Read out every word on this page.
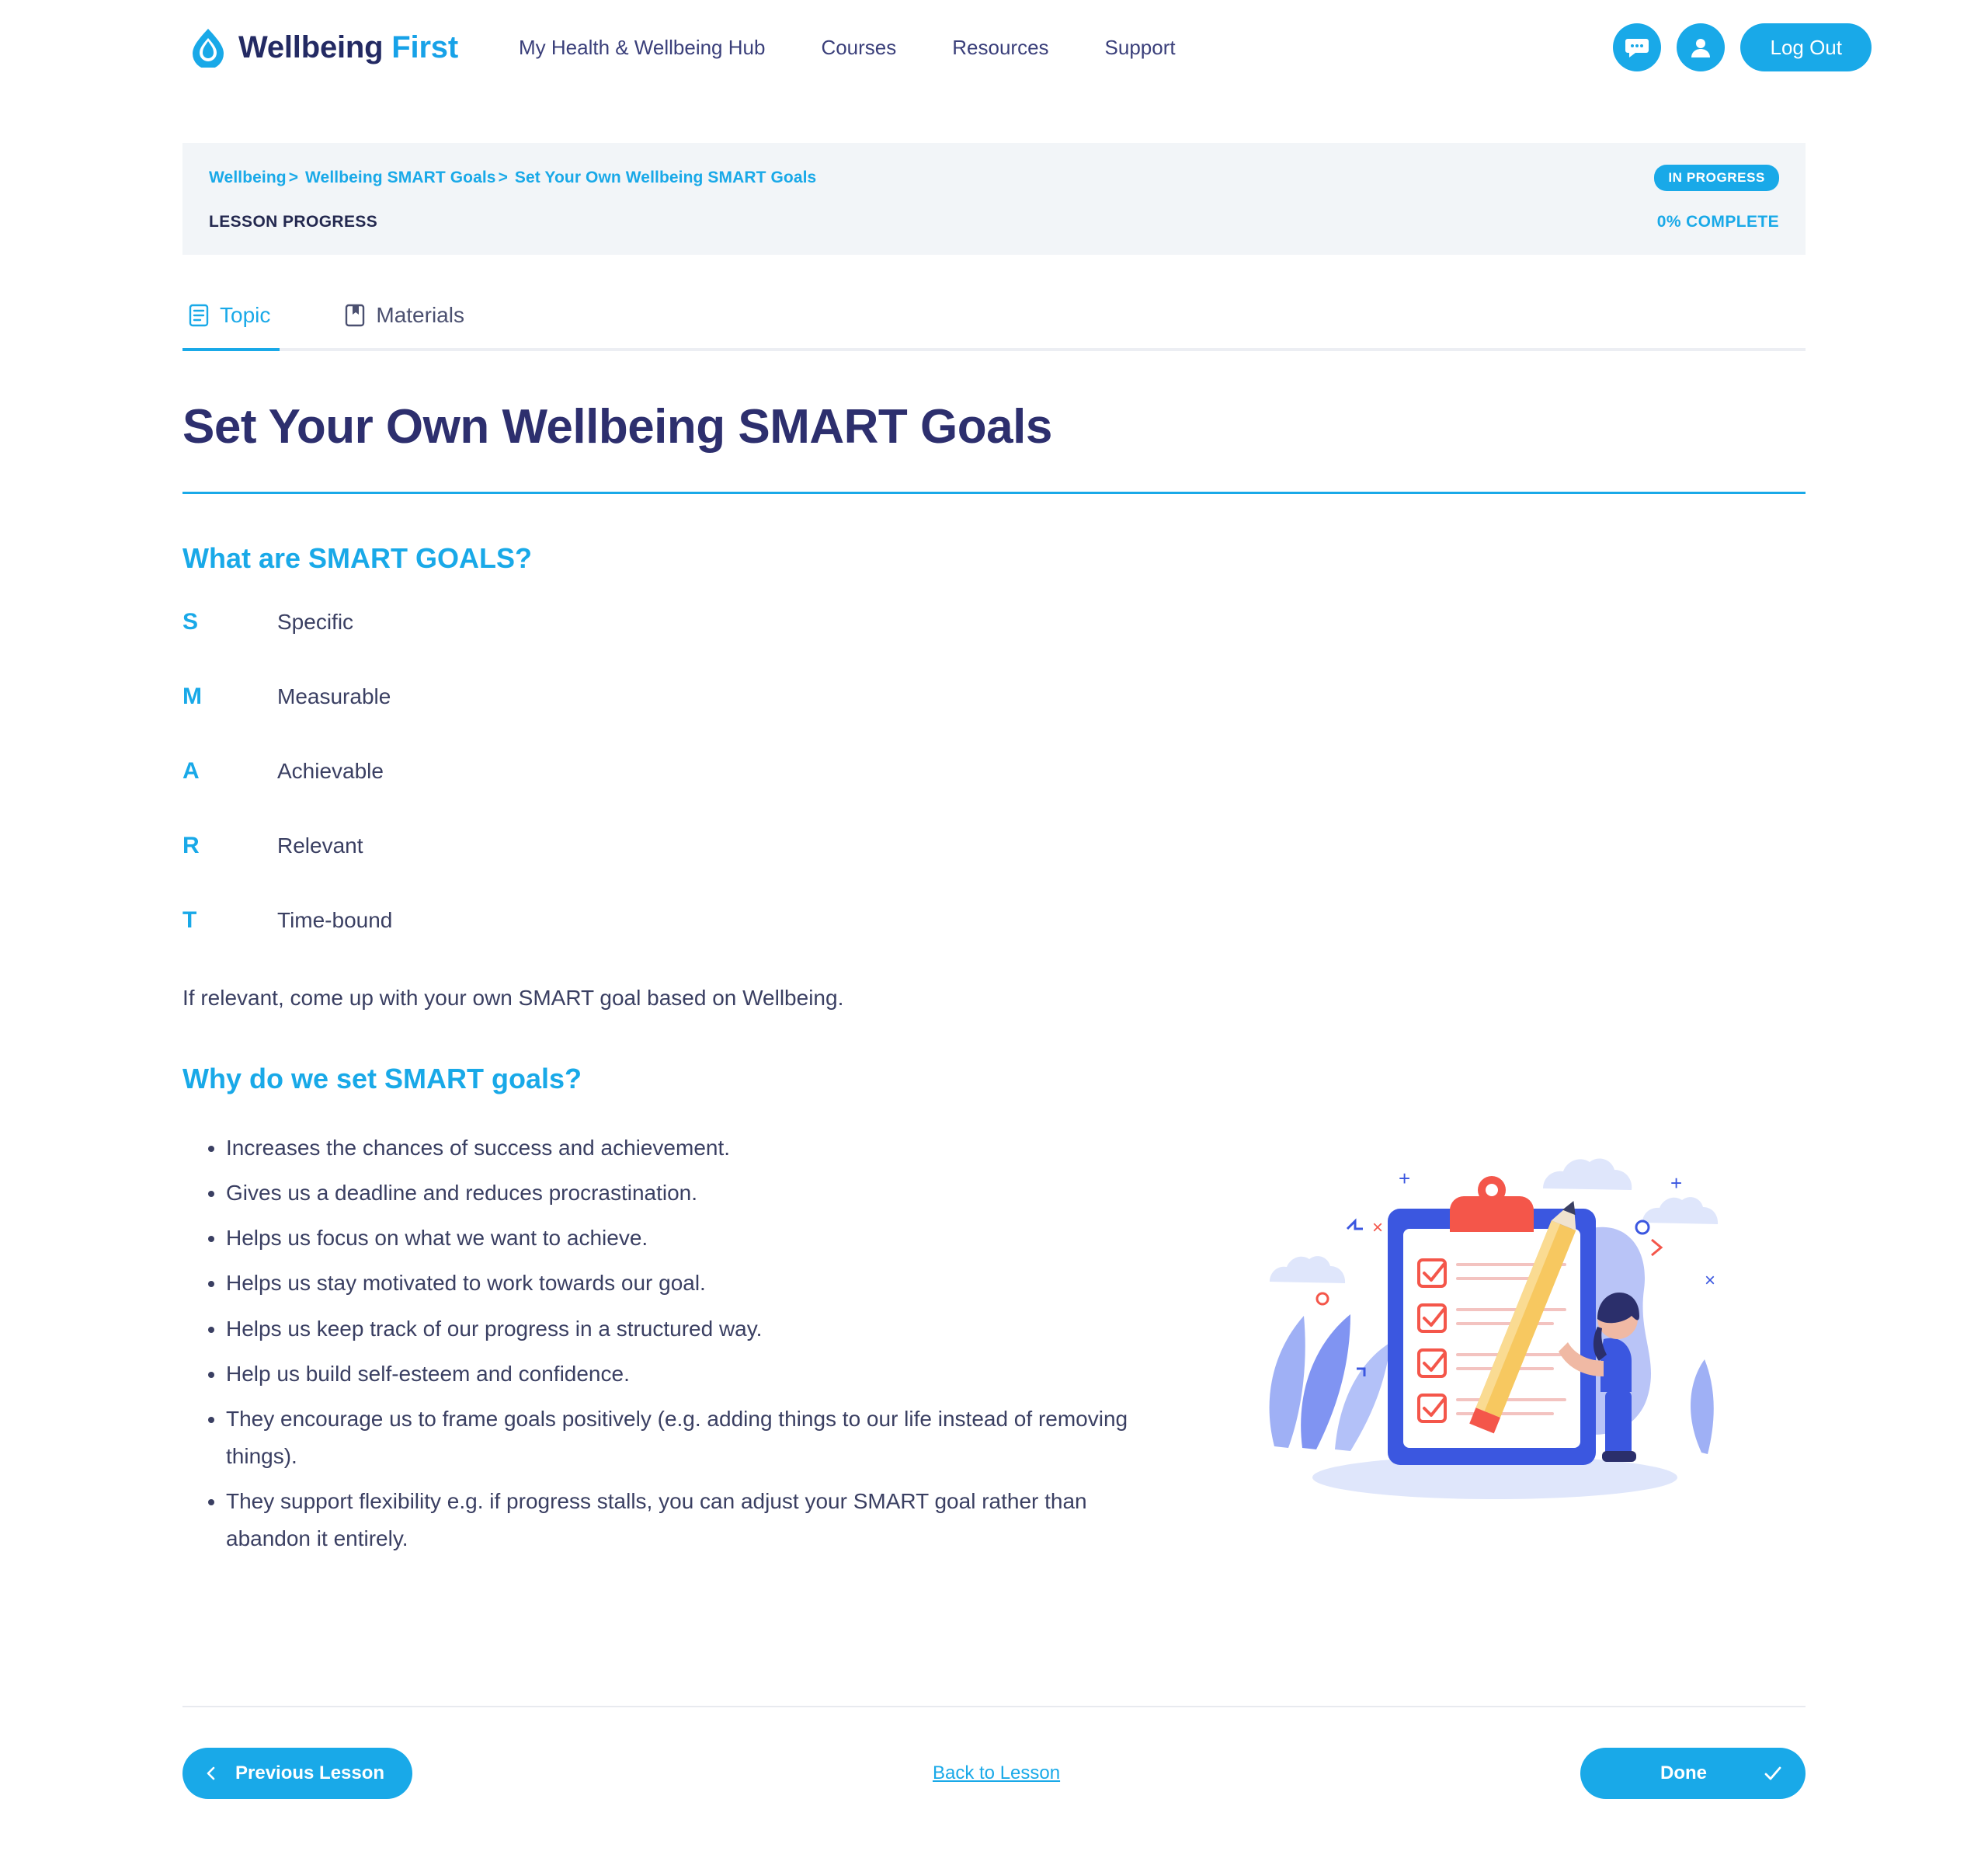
Wellbeing First	My Health & Wellbeing Hub	Courses	Resources	Support	Log Out
Wellbeing > Wellbeing SMART Goals > Set Your Own Wellbeing SMART Goals	IN PROGRESS
LESSON PROGRESS	0% COMPLETE
Topic	Materials
Set Your Own Wellbeing SMART Goals
What are SMART GOALS?
S	Specific
M	Measurable
A	Achievable
R	Relevant
T	Time-bound

If relevant, come up with your own SMART goal based on Wellbeing.

Why do we set SMART goals?
• Increases the chances of success and achievement.
• Gives us a deadline and reduces procrastination.
• Helps us focus on what we want to achieve.
• Helps us stay motivated to work towards our goal.
• Helps us keep track of our progress in a structured way.
• Help us build self-esteem and confidence.
• They encourage us to frame goals positively (e.g. adding things to our life instead of removing things).
• They support flexibility e.g. if progress stalls, you can adjust your SMART goal rather than abandon it entirely.
×
+	+
×
Previous Lesson	Back to Lesson	Done
